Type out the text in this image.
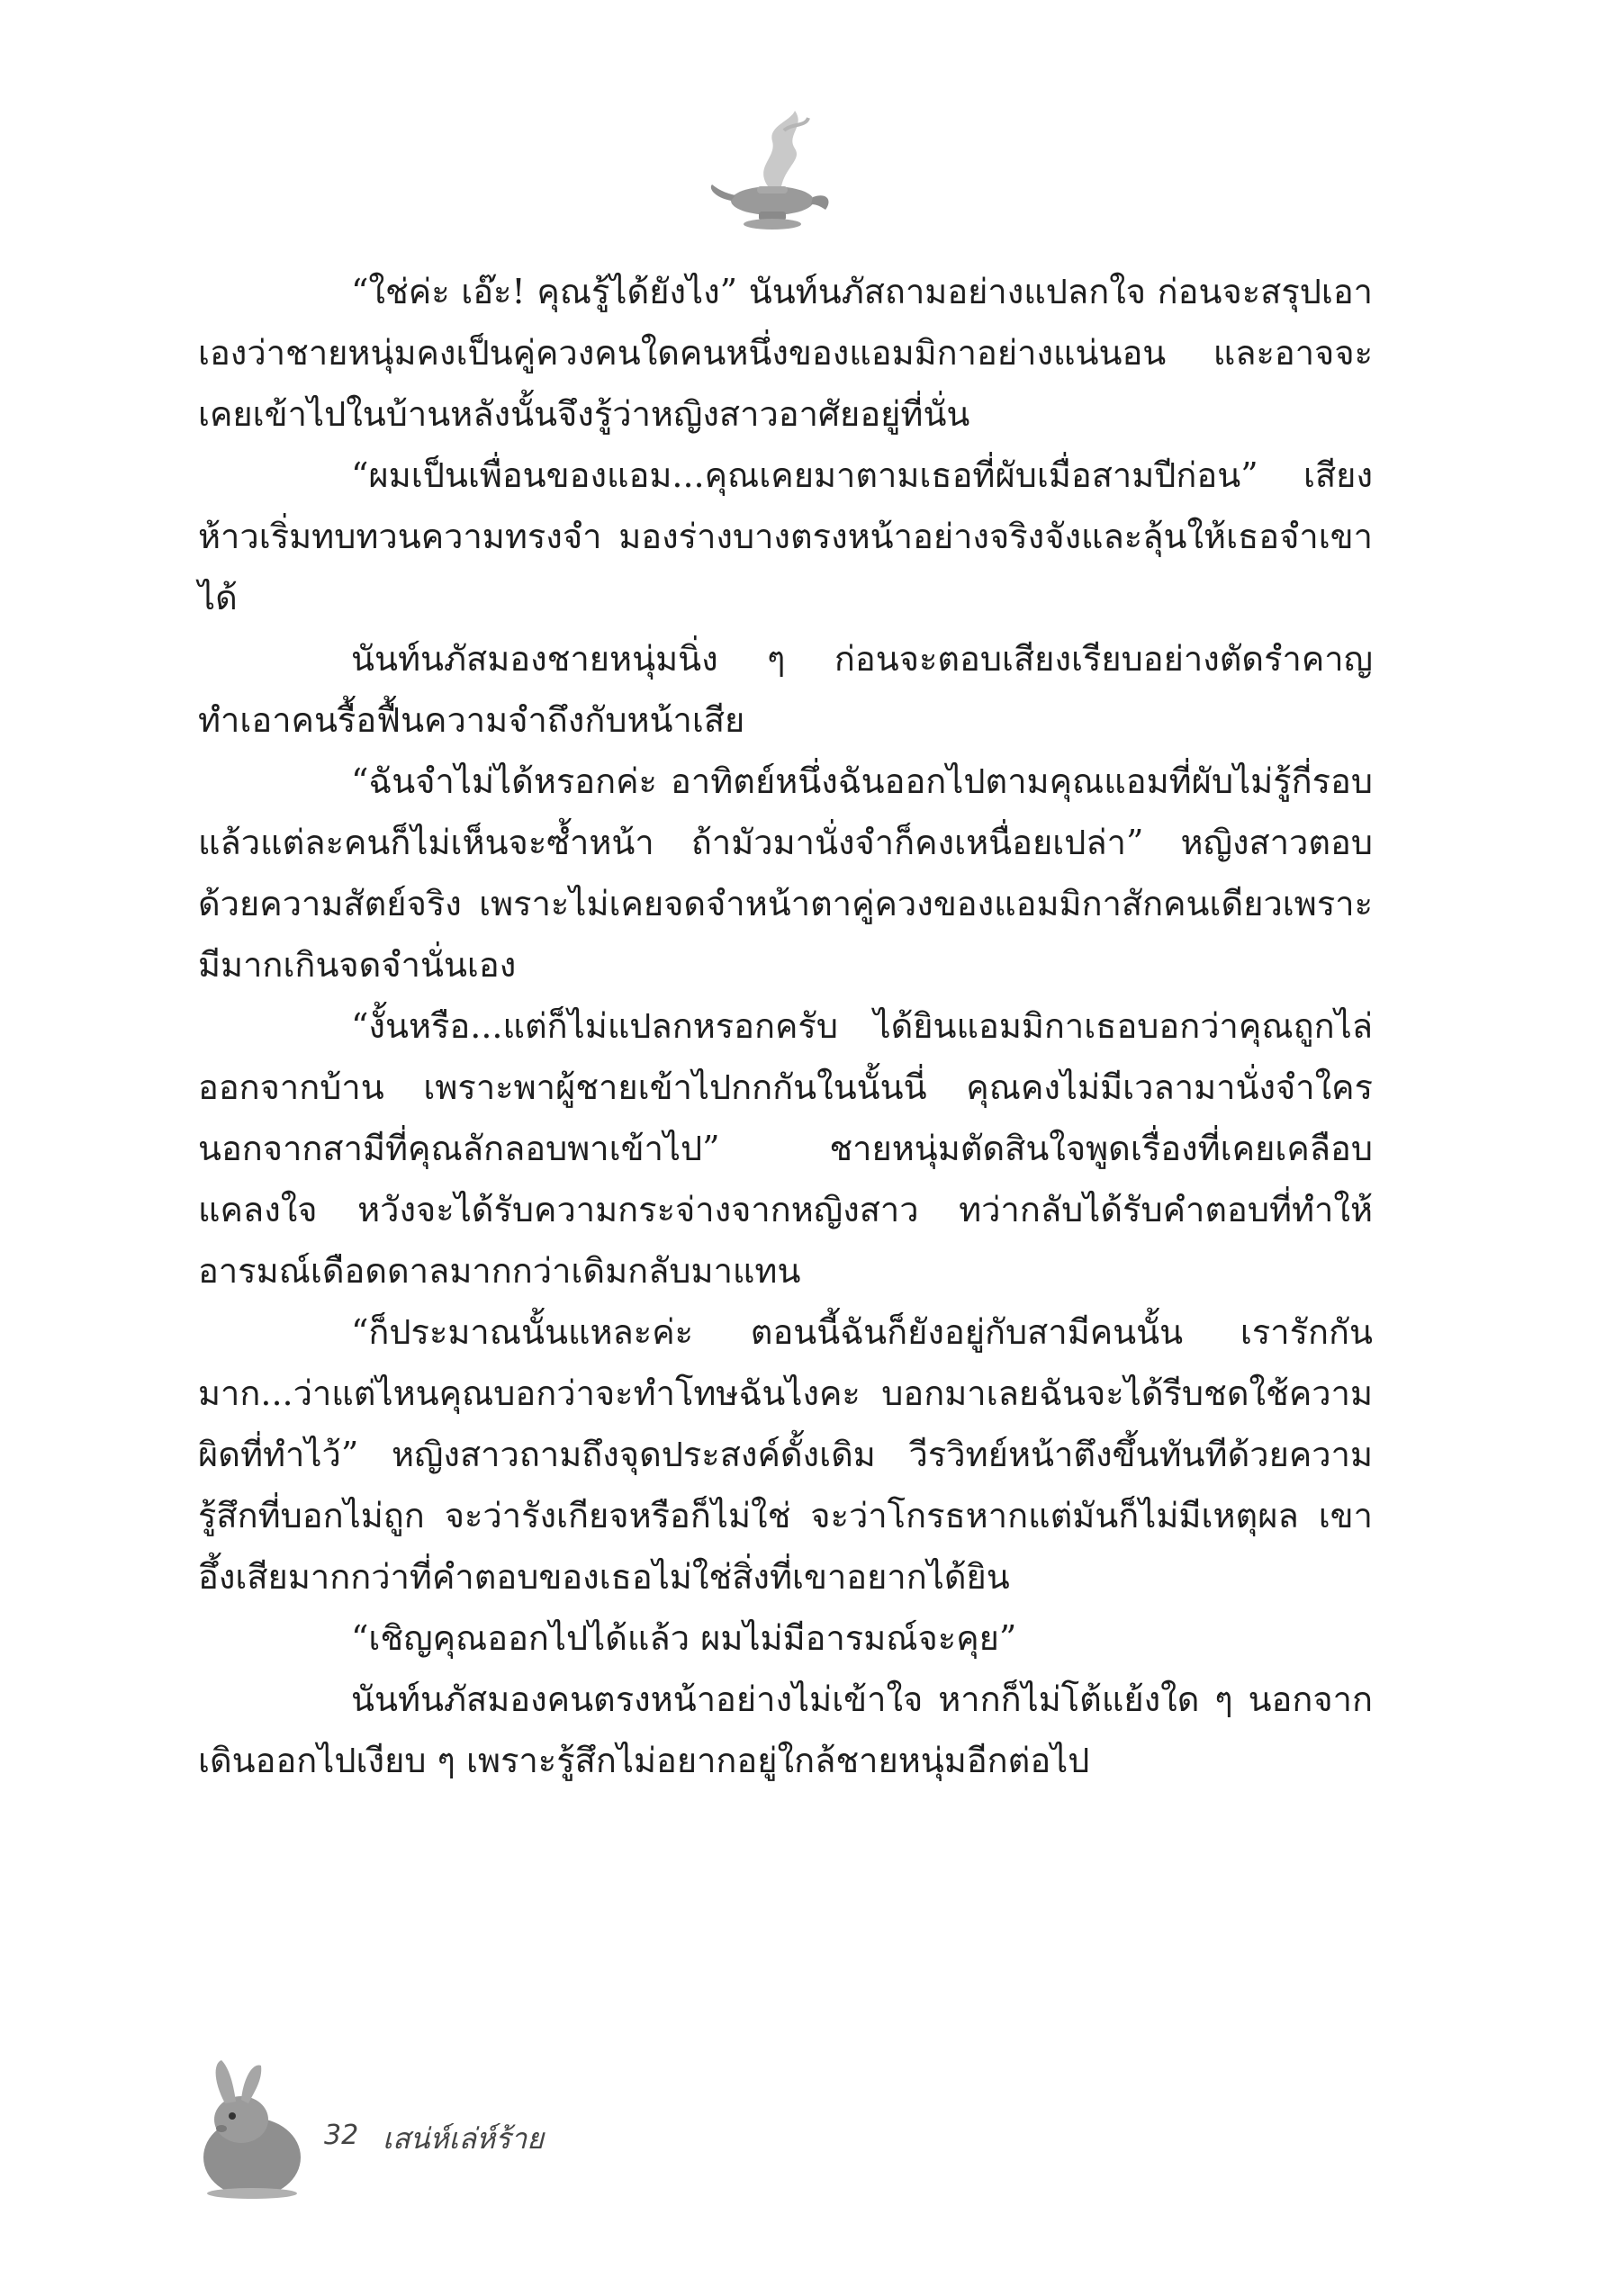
“ใช่ค่ะ เอ๊ะ! คุณรู้ได้ยังไง” นันท์นภัสถามอย่างแปลกใจ ก่อนจะสรุปเอาเองว่าชายหนุ่มคงเป็นคู่ควงคนใดคนหนึ่งของแอมมิกาอย่างแน่นอน และอาจจะเคยเข้าไปในบ้านหลังนั้นจึงรู้ว่าหญิงสาวอาศัยอยู่ที่นั่น

“ผมเป็นเพื่อนของแอม...คุณเคยมาตามเธอที่ผับเมื่อสามปีก่อน” เสียงห้าวเริ่มทบทวนความทรงจำ มองร่างบางตรงหน้าอย่างจริงจังและลุ้นให้เธอจำเขาได้

นันท์นภัสมองชายหนุ่มนิ่ง ๆ ก่อนจะตอบเสียงเรียบอย่างตัดรำคาญ ทำเอาคนรื้อฟื้นความจำถึงกับหน้าเสีย

“ฉันจำไม่ได้หรอกค่ะ อาทิตย์หนึ่งฉันออกไปตามคุณแอมที่ผับไม่รู้กี่รอบ แล้วแต่ละคนก็ไม่เห็นจะซ้ำหน้า ถ้ามัวมานั่งจำก็คงเหนื่อยเปล่า” หญิงสาวตอบด้วยความสัตย์จริง เพราะไม่เคยจดจำหน้าตาคู่ควงของแอมมิกาสักคนเดียวเพราะมีมากเกินจดจำนั่นเอง

“งั้นหรือ...แต่ก็ไม่แปลกหรอกครับ ได้ยินแอมมิกาเธอบอกว่าคุณถูกไล่ออกจากบ้าน เพราะพาผู้ชายเข้าไปกกกันในนั้นนี่ คุณคงไม่มีเวลามานั่งจำใครนอกจากสามีที่คุณลักลอบพาเข้าไป” ชายหนุ่มตัดสินใจพูดเรื่องที่เคยเคลือบแคลงใจ หวังจะได้รับความกระจ่างจากหญิงสาว ทว่ากลับได้รับคำตอบที่ทำให้อารมณ์เดือดดาลมากกว่าเดิมกลับมาแทน

“ก็ประมาณนั้นแหละค่ะ ตอนนี้ฉันก็ยังอยู่กับสามีคนนั้น เรารักกันมาก...ว่าแต่ไหนคุณบอกว่าจะทำโทษฉันไงคะ บอกมาเลยฉันจะได้รีบชดใช้ความผิดที่ทำไว้” หญิงสาวถามถึงจุดประสงค์ดั้งเดิม วีรวิทย์หน้าตึงขึ้นทันทีด้วยความรู้สึกที่บอกไม่ถูก จะว่ารังเกียจหรือก็ไม่ใช่ จะว่าโกรธหากแต่มันก็ไม่มีเหตุผล เขาอึ้งเสียมากกว่าที่คำตอบของเธอไม่ใช่สิ่งที่เขาอยากได้ยิน

“เชิญคุณออกไปได้แล้ว ผมไม่มีอารมณ์จะคุย”

นันท์นภัสมองคนตรงหน้าอย่างไม่เข้าใจ หากก็ไม่โต้แย้งใด ๆ นอกจากเดินออกไปเงียบ ๆ เพราะรู้สึกไม่อยากอยู่ใกล้ชายหนุ่มอีกต่อไป

32 เสน่ห์เล่ห์ร้าย
